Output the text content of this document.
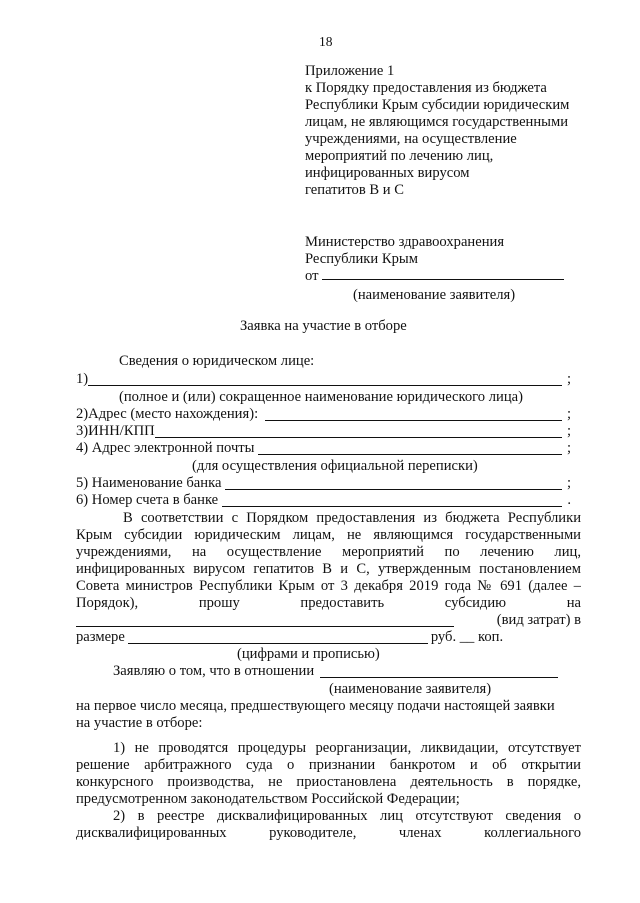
18
Приложение 1
к Порядку предоставления из бюджета
Республики Крым субсидии юридическим
лицам, не являющимся государственными
учреждениями, на осуществление
мероприятий по лечению лиц,
инфицированных вирусом
гепатитов В и С
Министерство здравоохранения
Республики Крым
от
(наименование заявителя)
Заявка на участие в отборе
Сведения о юридическом лице:
1)	;
(полное и (или) сокращенное наименование юридического лица)
2)Адрес (место нахождения):	;
3)ИНН/КПП	;
4) Адрес электронной почты	;
(для осуществления официальной переписки)
5) Наименование банка	;
6) Номер счета в банке	.
В соответствии с Порядком предоставления из бюджета Республики
Крым субсидии юридическим лицам, не являющимся государственными
учреждениями, на осуществление мероприятий по лечению лиц,
инфицированных вирусом гепатитов В и С, утвержденным постановлением
Совета министров Республики Крым от 3 декабря 2019 года № 691 (далее –
Порядок), прошу предоставить субсидию на
(вид затрат) в
размере	руб. __ коп.
(цифрами и прописью)
Заявляю о том, что в отношении
(наименование заявителя)
на первое число месяца, предшествующего месяцу подачи настоящей заявки
на участие в отборе:
1) не проводятся процедуры реорганизации, ликвидации, отсутствует
решение арбитражного суда о признании банкротом и об открытии
конкурсного производства, не приостановлена деятельность в порядке,
предусмотренном законодательством Российской Федерации;
2) в реестре дисквалифицированных лиц отсутствуют сведения о
дисквалифицированных руководителе, членах коллегиального
